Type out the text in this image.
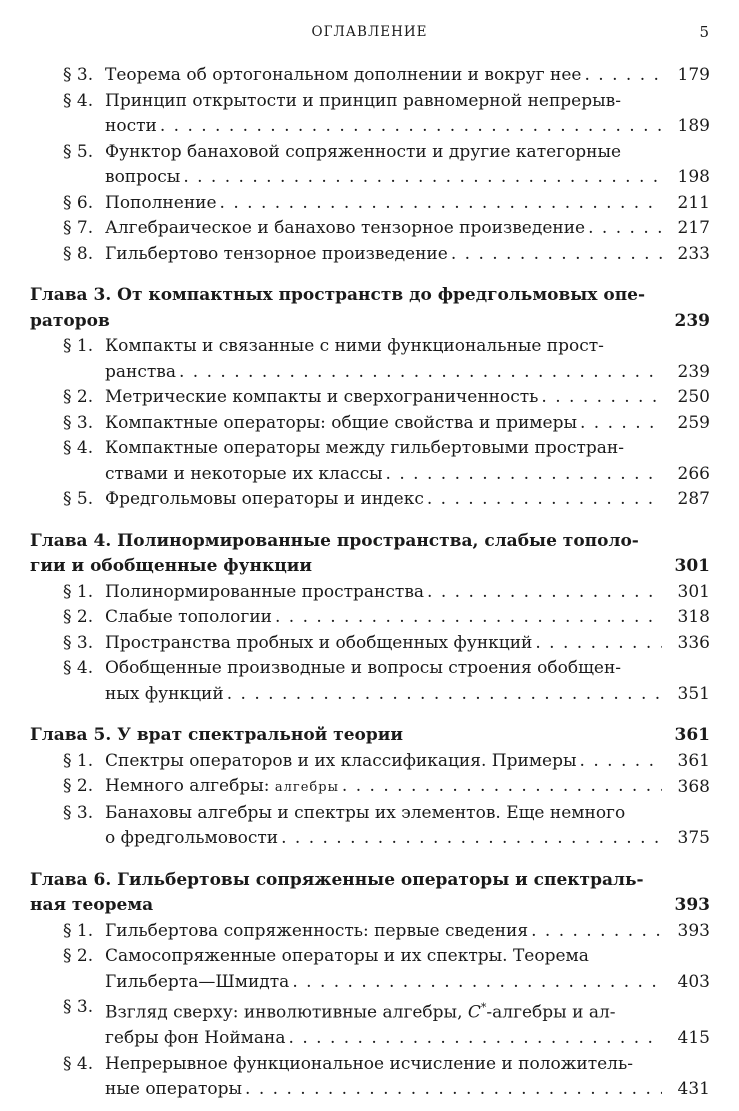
ОГЛАВЛЕНИЕ	5
§ 3. Теорема об ортогональном дополнении и вокруг нее . . .	179
§ 4. Принцип открытости и принцип равномерной непрерыв-
ности . . .	189
§ 5. Функтор банаховой сопряженности и другие категорные
вопросы . . .	198
§ 6. Пополнение . . .	211
§ 7. Алгебраическое и банахово тензорное произведение . . .	217
§ 8. Гильбертово тензорное произведение . . .	233
Глава 3. От компактных пространств до фредгольмовых опе-
раторов	239
§ 1. Компакты и связанные с ними функциональные прост-
ранства . . .	239
§ 2. Метрические компакты и сверхограниченность . . .	250
§ 3. Компактные операторы: общие свойства и примеры . . .	259
§ 4. Компактные операторы между гильбертовыми простран-
ствами и некоторые их классы . . .	266
§ 5. Фредгольмовы операторы и индекс . . .	287
Глава 4. Полинормированные пространства, слабые тополо-
гии и обобщенные функции	301
§ 1. Полинормированные пространства . . .	301
§ 2. Слабые топологии . . .	318
§ 3. Пространства пробных и обобщенных функций . . .	336
§ 4. Обобщенные производные и вопросы строения обобщен-
ных функций . . .	351
Глава 5. У врат спектральной теории	361
§ 1. Спектры операторов и их классификация. Примеры . . .	361
§ 2. Немного алгебры: алгебры . . .	368
§ 3. Банаховы алгебры и спектры их элементов. Еще немного
о фредгольмовости . . .	375
Глава 6. Гильбертовы сопряженные операторы и спектраль-
ная теорема	393
§ 1. Гильбертова сопряженность: первые сведения . . .	393
§ 2. Самосопряженные операторы и их спектры. Теорема
Гильберта—Шмидта . . .	403
§ 3. Взгляд сверху: инволютивные алгебры, C*-алгебры и ал-
гебры фон Ноймана . . .	415
§ 4. Непрерывное функциональное исчисление и положитель-
ные операторы . . .	431
